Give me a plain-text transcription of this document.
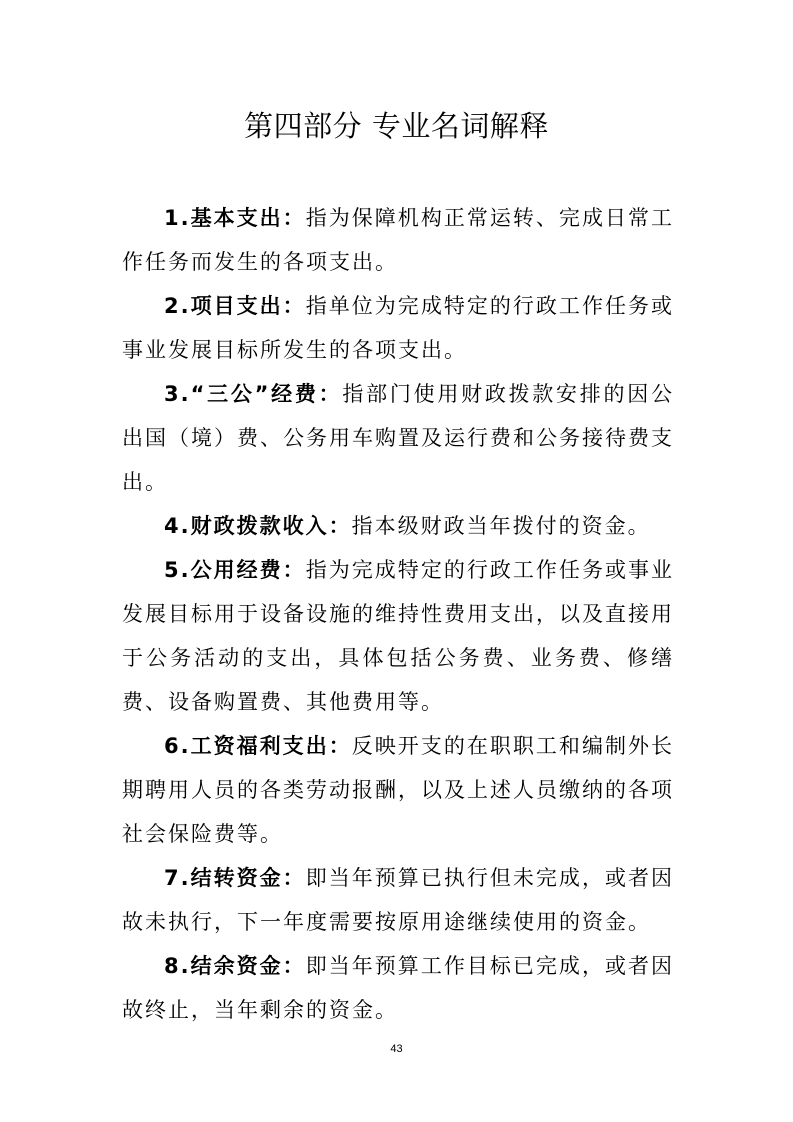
第四部分 专业名词解释

1.基本支出：指为保障机构正常运转、完成日常工作任务而发生的各项支出。

2.项目支出：指单位为完成特定的行政工作任务或事业发展目标所发生的各项支出。

3.“三公”经费：指部门使用财政拨款安排的因公出国（境）费、公务用车购置及运行费和公务接待费支出。

4.财政拨款收入：指本级财政当年拨付的资金。

5.公用经费：指为完成特定的行政工作任务或事业发展目标用于设备设施的维持性费用支出，以及直接用于公务活动的支出，具体包括公务费、业务费、修缮费、设备购置费、其他费用等。

6.工资福利支出：反映开支的在职职工和编制外长期聘用人员的各类劳动报酬，以及上述人员缴纳的各项社会保险费等。

7.结转资金：即当年预算已执行但未完成，或者因故未执行，下一年度需要按原用途继续使用的资金。

8.结余资金：即当年预算工作目标已完成，或者因故终止，当年剩余的资金。

43
